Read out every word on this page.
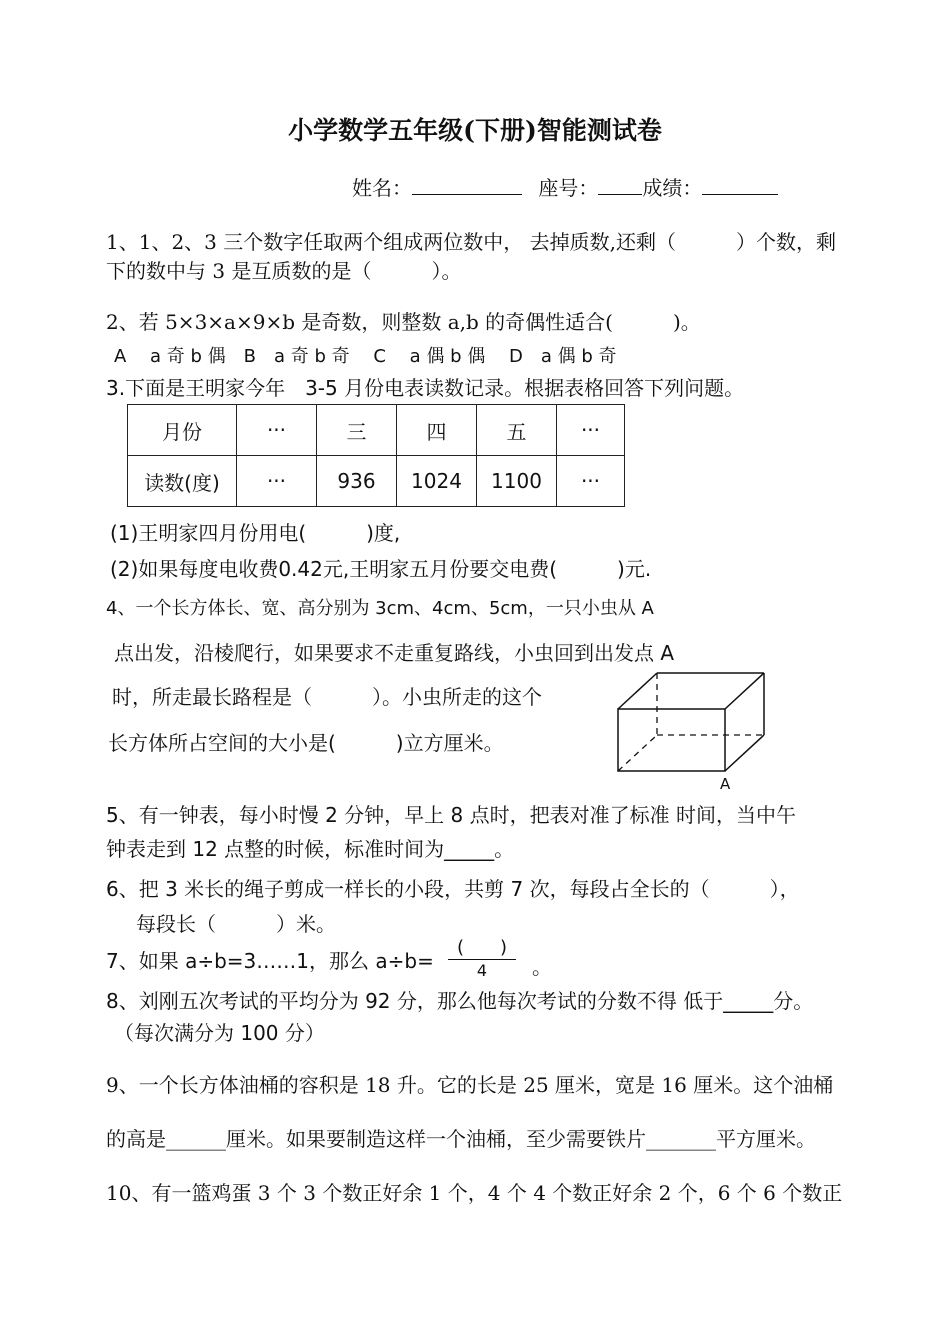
小学数学五年级(下册)智能测试卷
姓名：	座号： 成绩：
1、1、2、3 三个数字任取两个组成两位数中， 去掉质数,还剩（　　　）个数，剩
下的数中与 3 是互质数的是（　　　）。
2、若 5×3×a×9×b 是奇数，则整数 a,b 的奇偶性适合(　　　)。
A　 a 奇 b 偶　B　a 奇 b 奇　 C　 a 偶 b 偶　 D　a 偶 b 奇
3.下面是王明家今年　3-5 月份电表读数记录。根据表格回答下列问题。
月份	···	三	四	五	···
读数(度)	···	936	1024	1100	···
(1)王明家四月份用电(　　　)度,
(2)如果每度电收费0.42元,王明家五月份要交电费(　　　)元.
4、一个长方体长、宽、高分别为 3cm、4cm、5cm，一只小虫从 A
点出发，沿棱爬行，如果要求不走重复路线，小虫回到出发点 A
时，所走最长路程是（　　　）。小虫所走的这个
长方体所占空间的大小是(　　　)立方厘米。
A
5、有一钟表，每小时慢 2 分钟，早上 8 点时，把表对准了标准 时间，当中午
钟表走到 12 点整的时候，标准时间为_____。
6、把 3 米长的绳子剪成一样长的小段，共剪 7 次，每段占全长的（　　　），
每段长（　　　）米。
7、如果 a÷b=3……1，那么 a÷b=
(　　)
4	。
8、刘刚五次考试的平均分为 92 分，那么他每次考试的分数不得 低于_____分。
（每次满分为 100 分）
9、一个长方体油桶的容积是 18 升。它的长是 25 厘米，宽是 16 厘米。这个油桶
的高是______厘米。如果要制造这样一个油桶，至少需要铁片_______平方厘米。
10、有一篮鸡蛋 3 个 3 个数正好余 1 个，4 个 4 个数正好余 2 个，6 个 6 个数正
